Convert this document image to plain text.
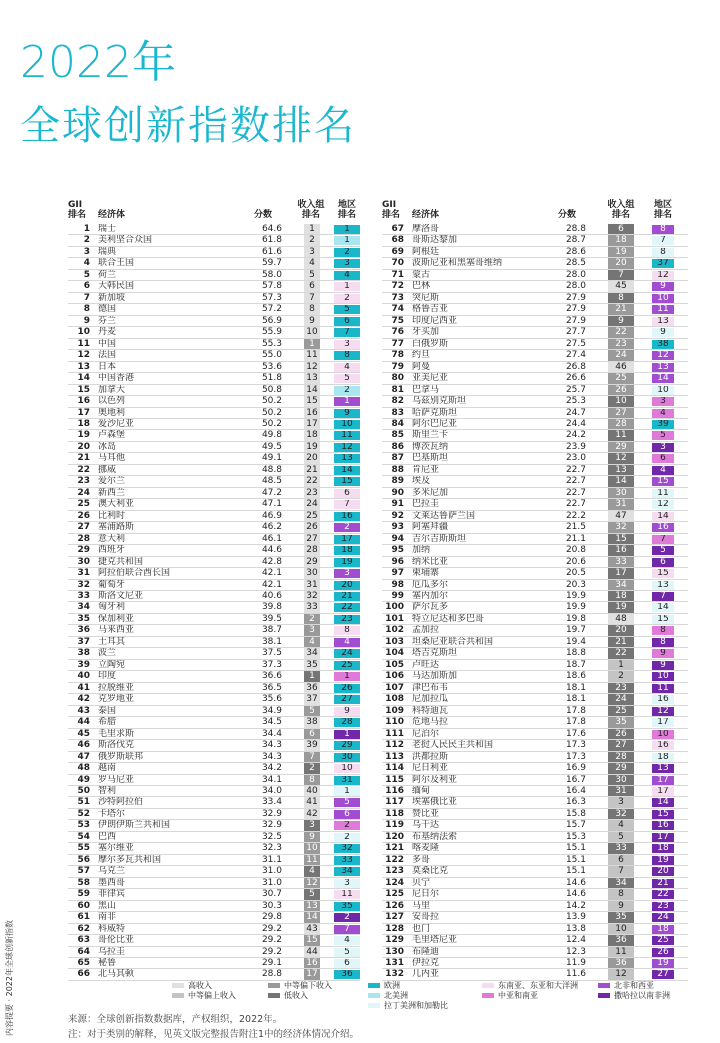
2022年
全球创新指数排名
GII
排名 经济体	分数
收入组
排名
地区
排名
1 瑞士	64.6	1	1
2 美利坚合众国	61.8	2	1
3 瑞典	61.6	3	2
4 联合王国	59.7	4	3
5 荷兰	58.0	5	4
6 大韩民国	57.8	6	1
7 新加坡	57.3	7	2
8 德国	57.2	8	5
9 芬兰	56.9	9	6
10 丹麦	55.9	10	7
11 中国	55.3	1	3
12 法国	55.0	11	8
13 日本	53.6	12	4
14 中国香港	51.8	13	5
15 加拿大	50.8	14	2
16 以色列	50.2	15	1
17 奥地利	50.2	16	9
18 爱沙尼亚	50.2	17	10
19 卢森堡	49.8	18	11
20 冰岛	49.5	19	12
21 马耳他	49.1	20	13
22 挪威	48.8	21	14
23 爱尔兰	48.5	22	15
24 新西兰	47.2	23	6
25 澳大利亚	47.1	24	7
26 比利时	46.9	25	16
27 塞浦路斯	46.2	26	2
28 意大利	46.1	27	17
29 西班牙	44.6	28	18
30 捷克共和国	42.8	29	19
31 阿拉伯联合酋长国	42.1	30	3
32 葡萄牙	42.1	31	20
33 斯洛文尼亚	40.6	32	21
34 匈牙利	39.8	33	22
35 保加利亚	39.5	2	23
36 马来西亚	38.7	3	8
37 土耳其	38.1	4	4
38 波兰	37.5	34	24
39 立陶宛	37.3	35	25
40 印度	36.6	1	1
41 拉脱维亚	36.5	36	26
42 克罗地亚	35.6	37	27
43 泰国	34.9	5	9
44 希腊	34.5	38	28
45 毛里求斯	34.4	6	1
46 斯洛伐克	34.3	39	29
47 俄罗斯联邦	34.3	7	30
48 越南	34.2	2	10
49 罗马尼亚	34.1	8	31
50 智利	34.0	40	1
51 沙特阿拉伯	33.4	41	5
52 卡塔尔	32.9	42	6
53 伊朗伊斯兰共和国	32.9	3	2
54 巴西	32.5	9	2
55 塞尔维亚	32.3	10	32
56 摩尔多瓦共和国	31.1	11	33
57 乌克兰	31.0	4	34
58 墨西哥	31.0	12	3
59 菲律宾	30.7	5	11
60 黑山	30.3	13	35
61 南非	29.8	14	2
62 科威特	29.2	43	7
63 哥伦比亚	29.2	15	4
64 乌拉圭	29.2	44	5
65 秘鲁	29.1	16	6
66 北马其顿	28.8	17	36
GII
排名 经济体	分数
收入组
排名
地区
排名
67 摩洛哥	28.8	6	8
68 哥斯达黎加	28.7	18	7
69 阿根廷	28.6	19	8
70 波斯尼亚和黑塞哥维纳	28.5	20	37
71 蒙古	28.0	7	12
72 巴林	28.0	45	9
73 突尼斯	27.9	8	10
74 格鲁吉亚	27.9	21	11
75 印度尼西亚	27.9	9	13
76 牙买加	27.7	22	9
77 白俄罗斯	27.5	23	38
78 约旦	27.4	24	12
79 阿曼	26.8	46	13
80 亚美尼亚	26.6	25	14
81 巴拿马	25.7	26	10
82 乌兹别克斯坦	25.3	10	3
83 哈萨克斯坦	24.7	27	4
84 阿尔巴尼亚	24.4	28	39
85 斯里兰卡	24.2	11	5
86 博茨瓦纳	23.9	29	3
87 巴基斯坦	23.0	12	6
88 肯尼亚	22.7	13	4
89 埃及	22.7	14	15
90 多米尼加	22.7	30	11
91 巴拉圭	22.7	31	12
92 文莱达鲁萨兰国	22.2	47	14
93 阿塞拜疆	21.5	32	16
94 吉尔吉斯斯坦	21.1	15	7
95 加纳	20.8	16	5
96 纳米比亚	20.6	33	6
97 柬埔寨	20.5	17	15
98 厄瓜多尔	20.3	34	13
99 塞内加尔	19.9	18	7
100 萨尔瓦多	19.9	19	14
101 特立尼达和多巴哥	19.8	48	15
102 孟加拉	19.7	20	8
103 坦桑尼亚联合共和国	19.4	21	8
104 塔吉克斯坦	18.8	22	9
105 卢旺达	18.7	1	9
106 马达加斯加	18.6	2	10
107 津巴布韦	18.1	23	11
108 尼加拉瓜	18.1	24	16
109 科特迪瓦	17.8	25	12
110 危地马拉	17.8	35	17
111 尼泊尔	17.6	26	10
112 老挝人民民主共和国	17.3	27	16
113 洪都拉斯	17.3	28	18
114 尼日利亚	16.9	29	13
115 阿尔及利亚	16.7	30	17
116 缅甸	16.4	31	17
117 埃塞俄比亚	16.3	3	14
118 赞比亚	15.8	32	15
119 乌干达	15.7	4	16
120 布基纳法索	15.3	5	17
121 喀麦隆	15.1	33	18
122 多哥	15.1	6	19
123 莫桑比克	15.1	7	20
124 贝宁	14.6	34	21
125 尼日尔	14.6	8	22
126 马里	14.2	9	23
127 安哥拉	13.9	35	24
128 也门	13.8	10	18
129 毛里塔尼亚	12.4	36	25
130 布隆迪	12.3	11	26
131 伊拉克	11.9	36	19
132 几内亚	11.6	12	27
高收入
中等偏上收入
中等偏下收入
低收入
欧洲
北美洲
拉丁美洲和加勒比
东南亚、东亚和大洋洲
中亚和南亚
北非和西亚
撒哈拉以南非洲
来源：全球创新指数数据库，产权组织，2022年。
注：对于类别的解释，见英文版完整报告附注1中的经济体情况介绍。
内容提要 · 2022年全球创新指数
